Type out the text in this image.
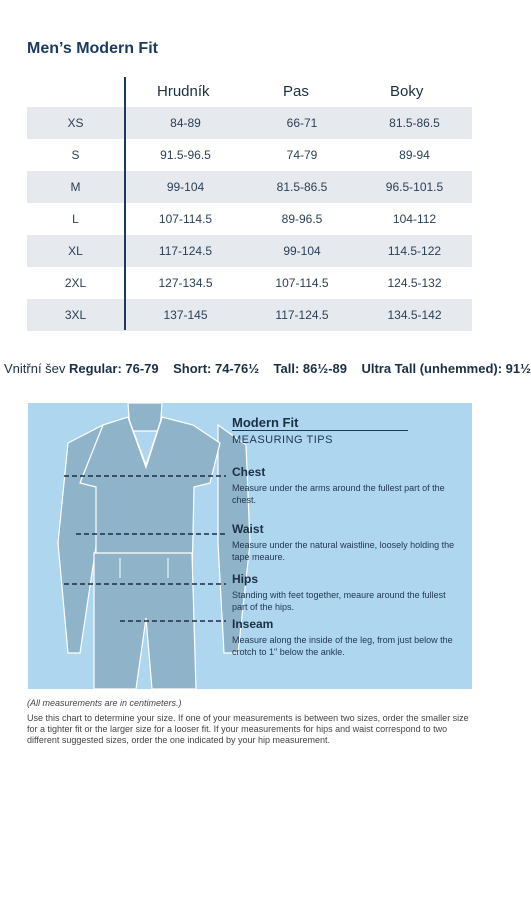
Men’s Modern Fit
Hrudník	Pas	Boky
XS	84-89	66-71	81.5-86.5
S	91.5-96.5	74-79	89-94
M	99-104	81.5-86.5	96.5-101.5
L	107-114.5	89-96.5	104-112
XL	117-124.5	99-104	114.5-122
2XL	127-134.5	107-114.5	124.5-132
3XL	137-145	117-124.5	134.5-142
Vnitřní šev Regular: 76-79 Short: 74-76½ Tall: 86½-89 Ultra Tall (unhemmed): 91½
Modern Fit
MEASURING TIPS
Chest
Measure under the arms around the fullest part of the chest.
Waist
Measure under the natural waistline, loosely holding the tape meaure.
Hips
Standing with feet together, meaure around the fullest part of the hips.
Inseam
Measure along the inside of the leg, from just below the crotch to 1" below the ankle.
(All measurements are in centimeters.)
Use this chart to determine your size. If one of your measurements is between two sizes, order the smaller size for a tighter fit or the larger size for a looser fit. If your measurements for hips and waist correspond to two different suggested sizes, order the one indicated by your hip measurement.
